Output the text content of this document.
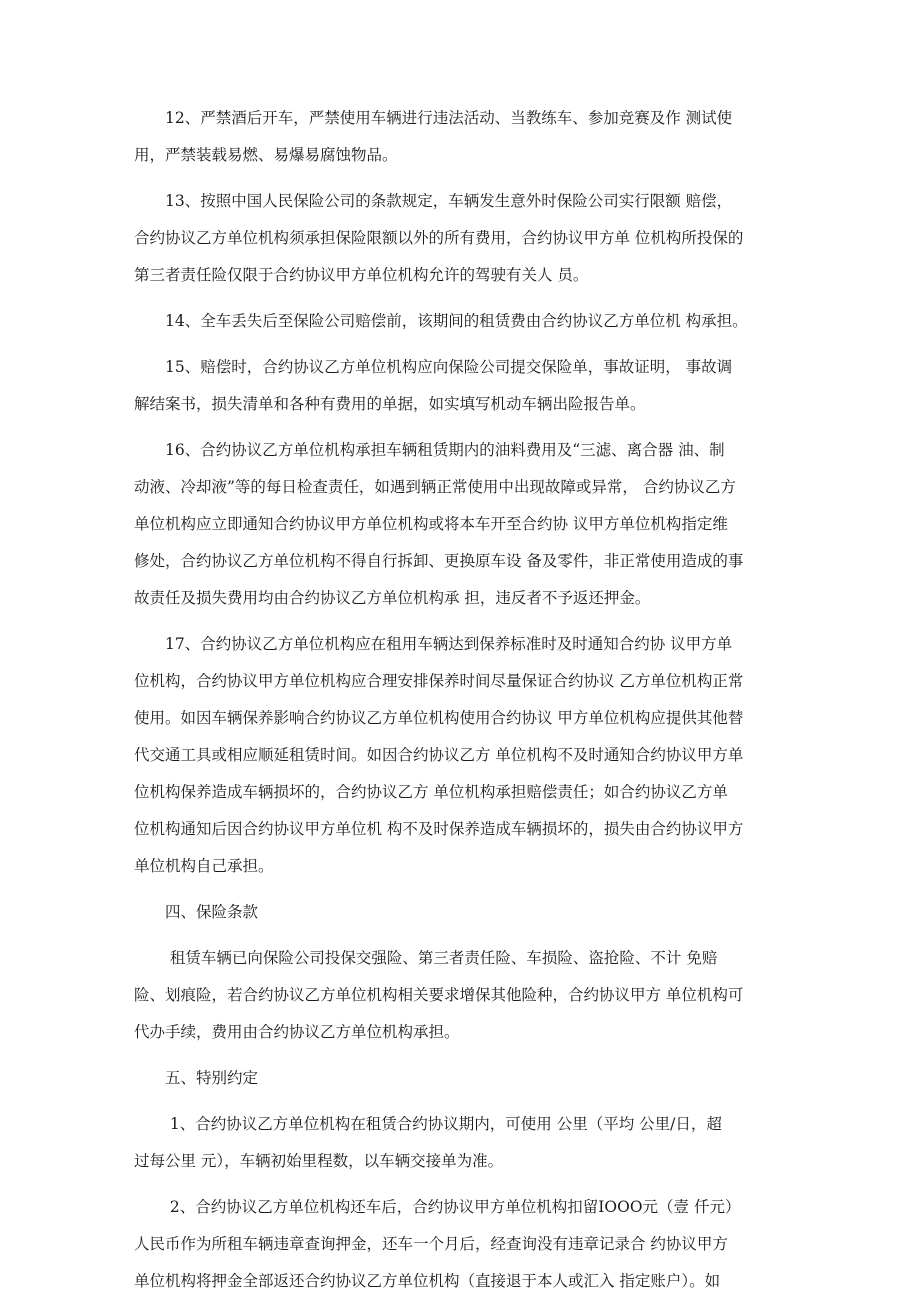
　　12、严禁酒后开车，严禁使用车辆进行违法活动、当教练车、参加竞赛及作 测试使
用，严禁装载易燃、易爆易腐蚀物品。
　　13、按照中国人民保险公司的条款规定，车辆发生意外时保险公司实行限额 赔偿，
合约协议乙方单位机构须承担保险限额以外的所有费用，合约协议甲方单 位机构所投保的
第三者责任险仅限于合约协议甲方单位机构允许的驾驶有关人 员。
　　14、全车丢失后至保险公司赔偿前，该期间的租赁费由合约协议乙方单位机 构承担。
　　15、赔偿时，合约协议乙方单位机构应向保险公司提交保险单，事故证明， 事故调
解结案书，损失清单和各种有费用的单据，如实填写机动车辆出险报告单。
　　16、合约协议乙方单位机构承担车辆租赁期内的油料费用及“三滤、离合器 油、制
动液、冷却液”等的每日检查责任，如遇到辆正常使用中出现故障或异常， 合约协议乙方
单位机构应立即通知合约协议甲方单位机构或将本车开至合约协 议甲方单位机构指定维
修处，合约协议乙方单位机构不得自行拆卸、更换原车设 备及零件，非正常使用造成的事
故责任及损失费用均由合约协议乙方单位机构承 担，违反者不予返还押金。
　　17、合约协议乙方单位机构应在租用车辆达到保养标准时及时通知合约协 议甲方单
位机构，合约协议甲方单位机构应合理安排保养时间尽量保证合约协议 乙方单位机构正常
使用。如因车辆保养影响合约协议乙方单位机构使用合约协议 甲方单位机构应提供其他替
代交通工具或相应顺延租赁时间。如因合约协议乙方 单位机构不及时通知合约协议甲方单
位机构保养造成车辆损坏的，合约协议乙方 单位机构承担赔偿责任；如合约协议乙方单
位机构通知后因合约协议甲方单位机 构不及时保养造成车辆损坏的，损失由合约协议甲方
单位机构自己承担。
　　四、保险条款
　　 租赁车辆已向保险公司投保交强险、第三者责任险、车损险、盗抢险、不计 免赔
险、划痕险，若合约协议乙方单位机构相关要求增保其他险种，合约协议甲方 单位机构可
代办手续，费用由合约协议乙方单位机构承担。
　　五、特别约定
　　 1、合约协议乙方单位机构在租赁合约协议期内，可使用 公里（平均 公里/日，超
过每公里 元），车辆初始里程数，以车辆交接单为准。
　　 2、合约协议乙方单位机构还车后，合约协议甲方单位机构扣留IOOO元（壹 仟元）
人民币作为所租车辆违章查询押金，还车一个月后，经查询没有违章记录合 约协议甲方
单位机构将押金全部返还合约协议乙方单位机构（直接退于本人或汇入 指定账户）。如
